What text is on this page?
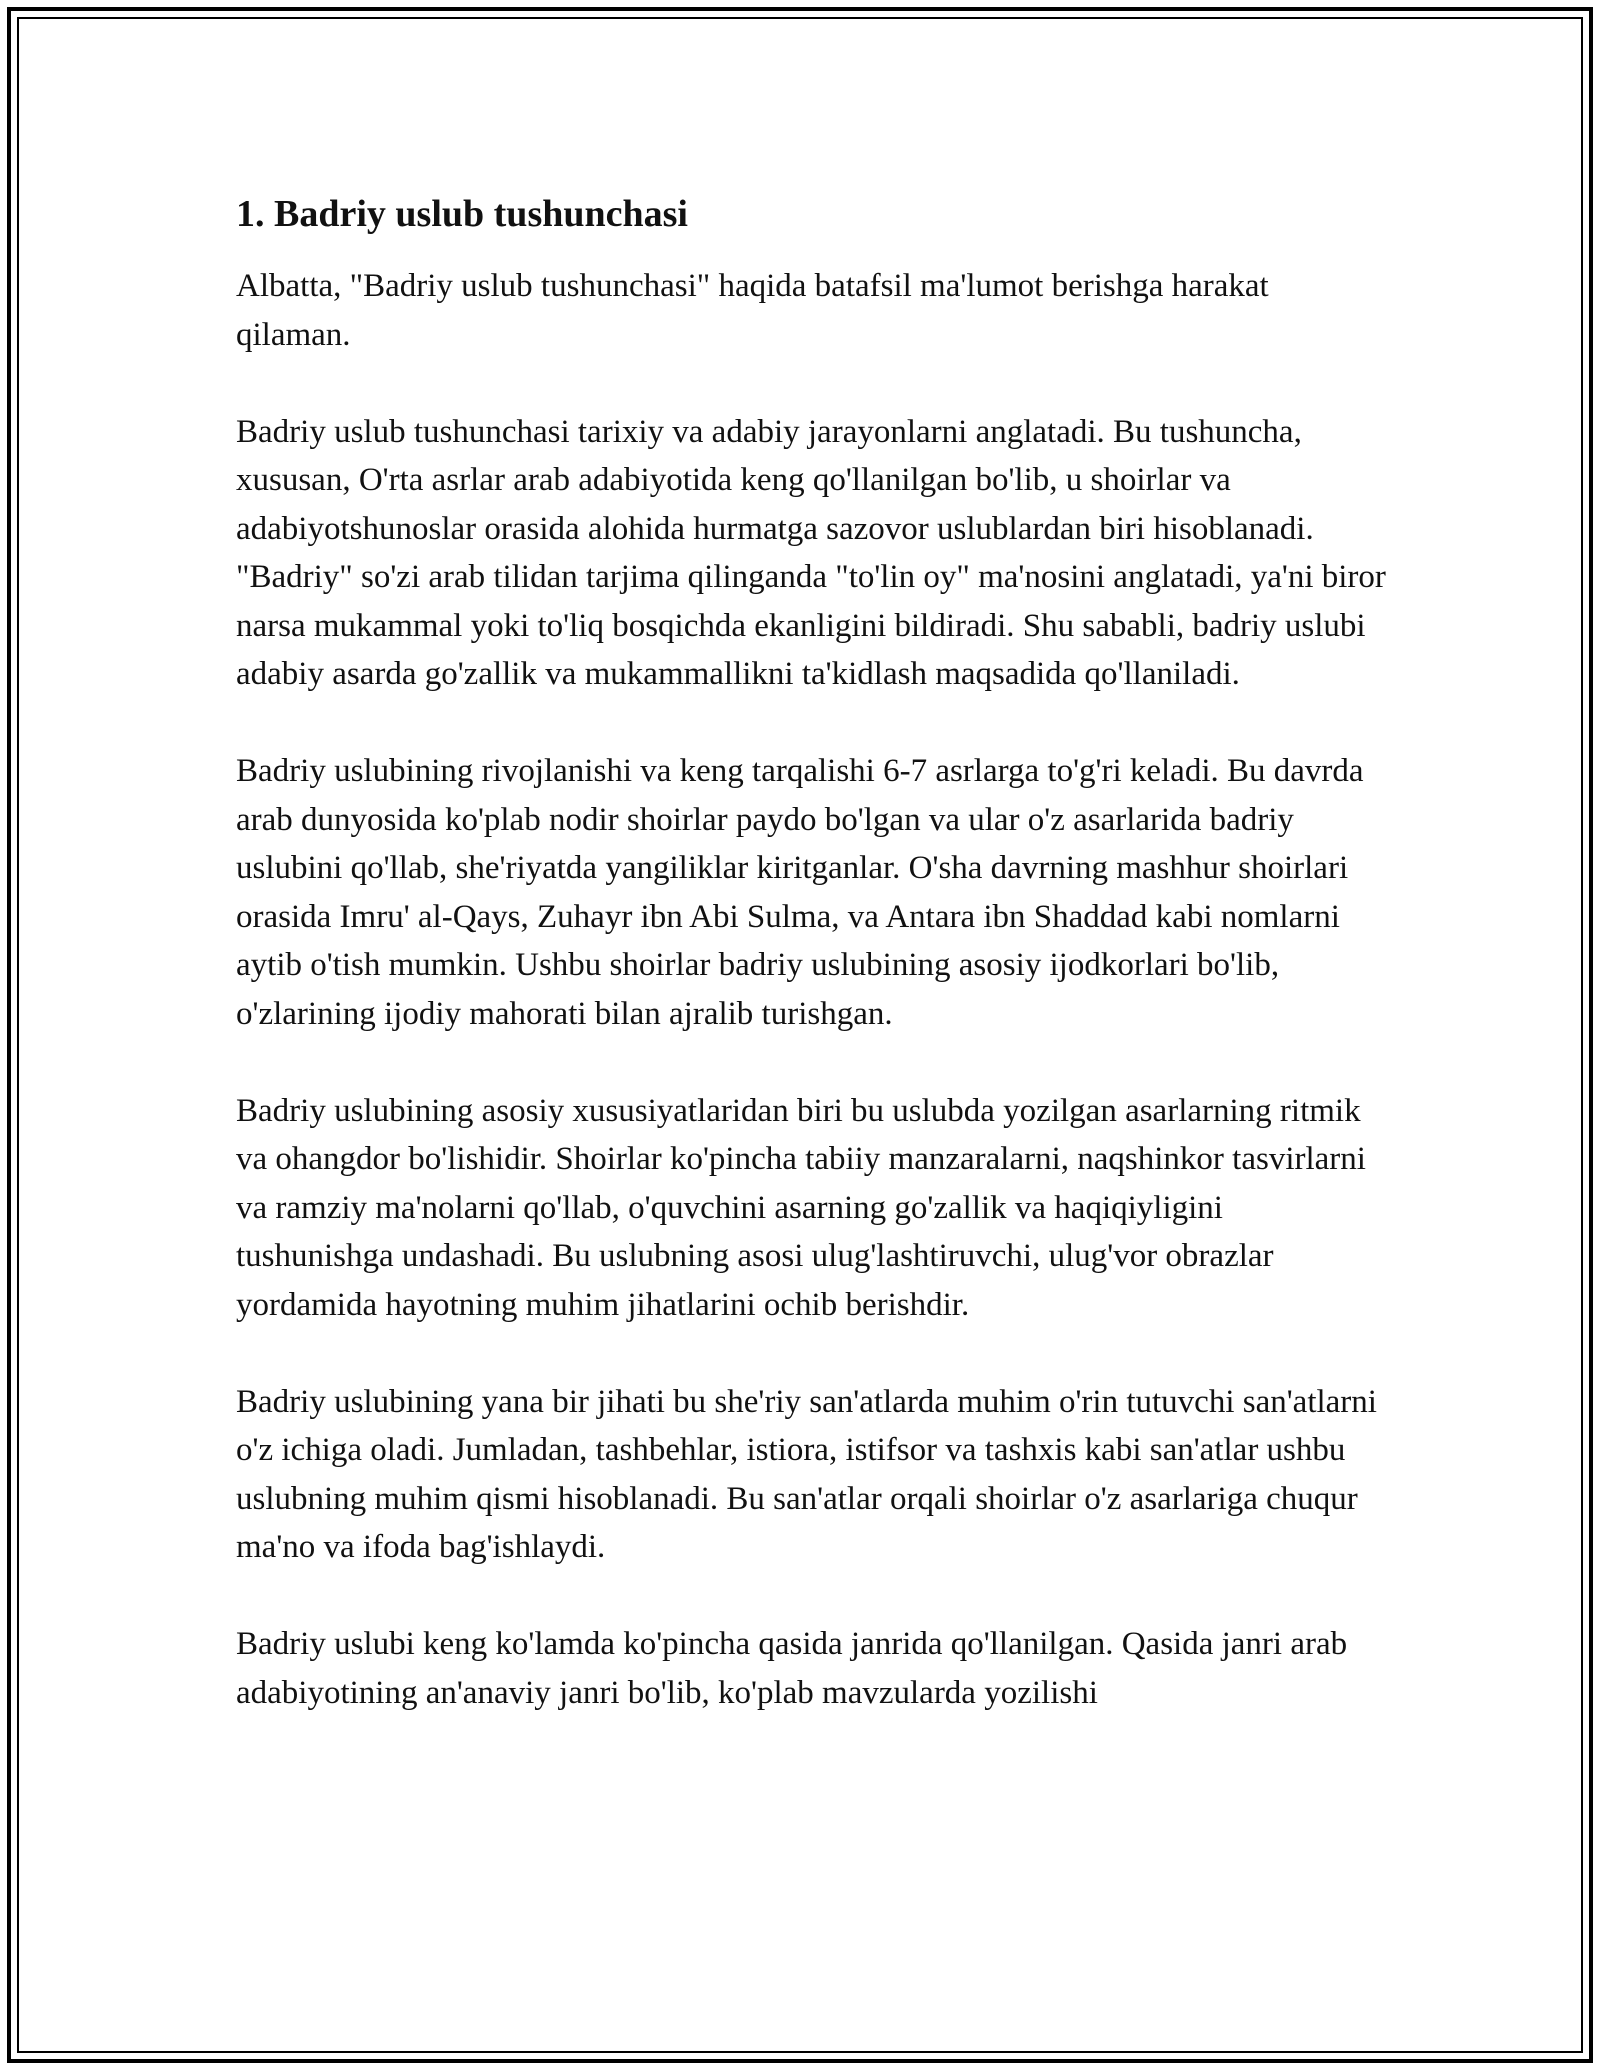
1. Badriy uslub tushunchasi

Albatta, "Badriy uslub tushunchasi" haqida batafsil ma'lumot berishga harakat qilaman.

Badriy uslub tushunchasi tarixiy va adabiy jarayonlarni anglatadi. Bu tushuncha, xususan, O'rta asrlar arab adabiyotida keng qo'llanilgan bo'lib, u shoirlar va adabiyotshunoslar orasida alohida hurmatga sazovor uslublardan biri hisoblanadi. "Badriy" so'zi arab tilidan tarjima qilinganda "to'lin oy" ma'nosini anglatadi, ya'ni biror narsa mukammal yoki to'liq bosqichda ekanligini bildiradi. Shu sababli, badriy uslubi adabiy asarda go'zallik va mukammallikni ta'kidlash maqsadida qo'llaniladi.

Badriy uslubining rivojlanishi va keng tarqalishi 6-7 asrlarga to'g'ri keladi. Bu davrda arab dunyosida ko'plab nodir shoirlar paydo bo'lgan va ular o'z asarlarida badriy uslubini qo'llab, she'riyatda yangiliklar kiritganlar. O'sha davrning mashhur shoirlari orasida Imru' al-Qays, Zuhayr ibn Abi Sulma, va Antara ibn Shaddad kabi nomlarni aytib o'tish mumkin. Ushbu shoirlar badriy uslubining asosiy ijodkorlari bo'lib, o'zlarining ijodiy mahorati bilan ajralib turishgan.

Badriy uslubining asosiy xususiyatlaridan biri bu uslubda yozilgan asarlarning ritmik va ohangdor bo'lishidir. Shoirlar ko'pincha tabiiy manzaralarni, naqshinkor tasvirlarni va ramziy ma'nolarni qo'llab, o'quvchini asarning go'zallik va haqiqiyligini tushunishga undashadi. Bu uslubning asosi ulug'lashtiruvchi, ulug'vor obrazlar yordamida hayotning muhim jihatlarini ochib berishdir.

Badriy uslubining yana bir jihati bu she'riy san'atlarda muhim o'rin tutuvchi san'atlarni o'z ichiga oladi. Jumladan, tashbehlar, istiora, istifsor va tashxis kabi san'atlar ushbu uslubning muhim qismi hisoblanadi. Bu san'atlar orqali shoirlar o'z asarlariga chuqur ma'no va ifoda bag'ishlaydi.

Badriy uslubi keng ko'lamda ko'pincha qasida janrida qo'llanilgan. Qasida janri arab adabiyotining an'anaviy janri bo'lib, ko'plab mavzularda yozilishi
